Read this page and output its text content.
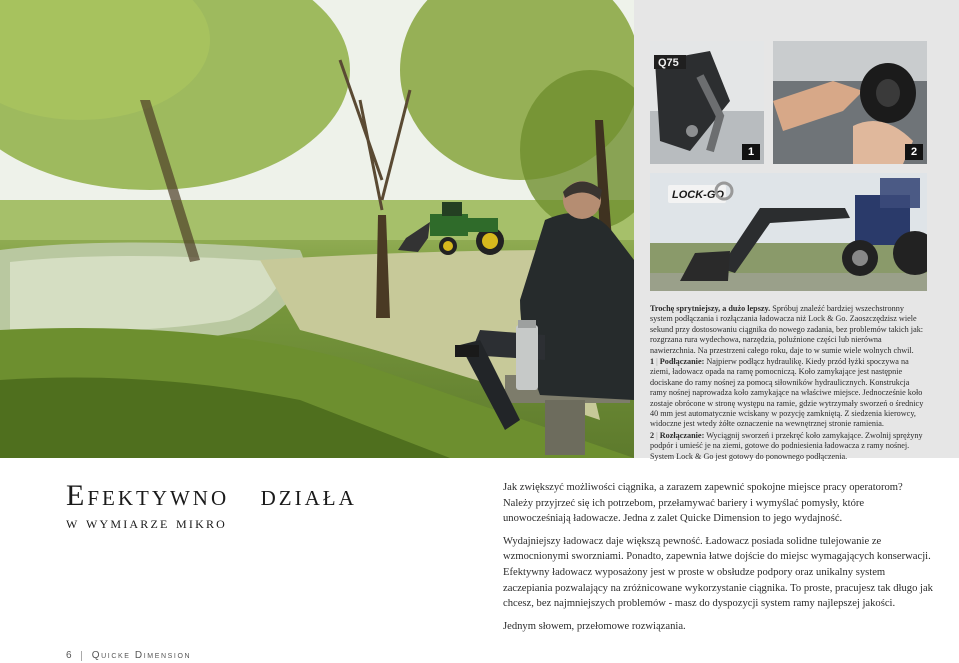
Q75
1	2
LOCK-GO

Trochę sprytniejszy, a dużo lepszy. Spróbuj znaleźć bardziej wszechstronny system podłączania i rozłączania ładowacza niż Lock & Go. Zaoszczędzisz wiele sekund przy dostosowaniu ciągnika do nowego zadania, bez problemów takich jak: rozgrzana rura wydechowa, narzędzia, poluźnione części lub nierówna nawierzchnia. Na przestrzeni całego roku, daje to w sumie wiele wolnych chwil.

1 | Podłączanie: Najpierw podłącz hydraulikę. Kiedy przód łyżki spoczywa na ziemi, ładowacz opada na ramę pomocniczą. Koło zamykające jest następnie dociskane do ramy nośnej za pomocą siłowników hydraulicznych. Konstrukcja ramy nośnej naprowadza koło zamykające na właściwe miejsce. Jednocześnie koło zostaje obrócone w stronę występu na ramie, gdzie wytrzymały sworzeń o średnicy 40 mm jest automatycznie wciskany w pozycję zamkniętą. Z siedzenia kierowcy, widoczne jest wtedy żółte oznaczenie na wewnętrznej stronie ramienia.

2 | Rozłączanie: Wyciągnij sworzeń i przekręć koło zamykające. Zwolnij sprężyny podpór i umieść je na ziemi, gotowe do podniesienia ładowacza z ramy nośnej. System Lock & Go jest gotowy do ponownego podłączenia.

Efektywno   działa
w wymiarze mikro

Jak zwiększyć możliwości ciągnika, a zarazem zapewnić spokojne miejsce pracy operatorom? Należy przyjrzeć się ich potrzebom, przełamywać bariery i wymyślać pomysły, które unowocześniają ładowacze. Jedna z zalet Quicke Dimension to jego wydajność.

Wydajniejszy ładowacz daje większą pewność. Ładowacz posiada solidne tulejowanie ze wzmocnionymi sworzniami. Ponadto, zapewnia łatwe dojście do miejsc wymagających konserwacji. Efektywny ładowacz wyposażony jest w proste w obsłudze podpory oraz unikalny system zaczepiania pozwalający na zróżnicowane wykorzystanie ciągnika. To proste, pracujesz tak długo jak chcesz, bez najmniejszych problemów - masz do dyspozycji system ramy najlepszej jakości.

Jednym słowem, przełomowe rozwiązania.

6 Quicke Dimension
